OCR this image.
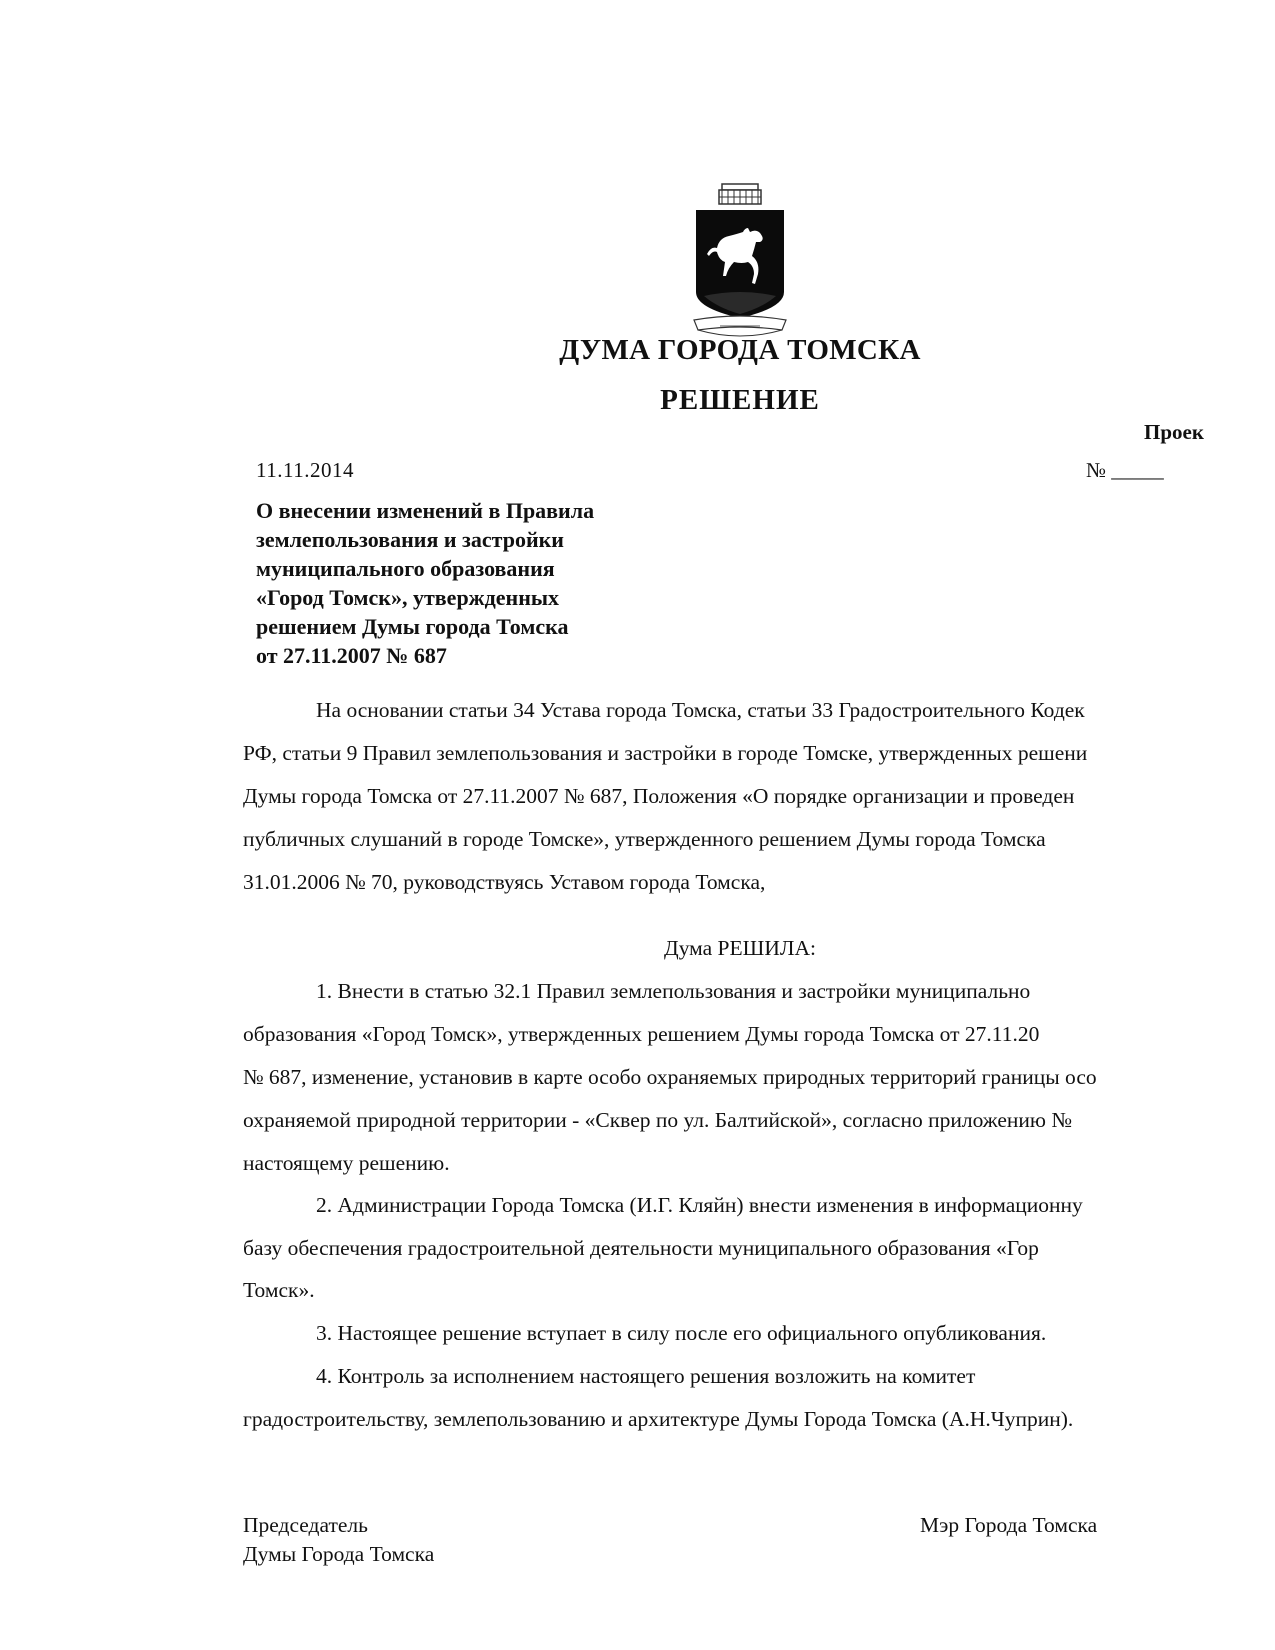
ДУМА ГОРОДА ТОМСКА
РЕШЕНИЕ
Проек
11.11.2014	№ _____
О внесении изменений в Правила
землепользования и застройки
муниципального образования
«Город Томск», утвержденных
решением Думы города Томска
от 27.11.2007 № 687
На основании статьи 34 Устава города Томска, статьи 33 Градостроительного Кодек
РФ, статьи 9 Правил землепользования и застройки в городе Томске, утвержденных решени
Думы города Томска от 27.11.2007 № 687, Положения «О порядке организации и проведен
публичных слушаний в городе Томске», утвержденного решением Думы города Томска
31.01.2006 № 70, руководствуясь Уставом города Томска,
Дума РЕШИЛА:
1. Внести в статью 32.1 Правил землепользования и застройки муниципально
образования «Город Томск», утвержденных решением Думы города Томска от 27.11.20
№ 687, изменение, установив в карте особо охраняемых природных территорий границы осо
охраняемой природной территории - «Сквер по ул. Балтийской», согласно приложению №
настоящему решению.
2. Администрации Города Томска (И.Г. Кляйн) внести изменения в информационну
базу обеспечения градостроительной деятельности муниципального образования «Гор
Томск».
3. Настоящее решение вступает в силу после его официального опубликования.
4. Контроль за исполнением настоящего решения возложить на комитет
градостроительству, землепользованию и архитектуре Думы Города Томска (А.Н.Чуприн).
Председатель
Думы Города Томска
Мэр Города Томска
